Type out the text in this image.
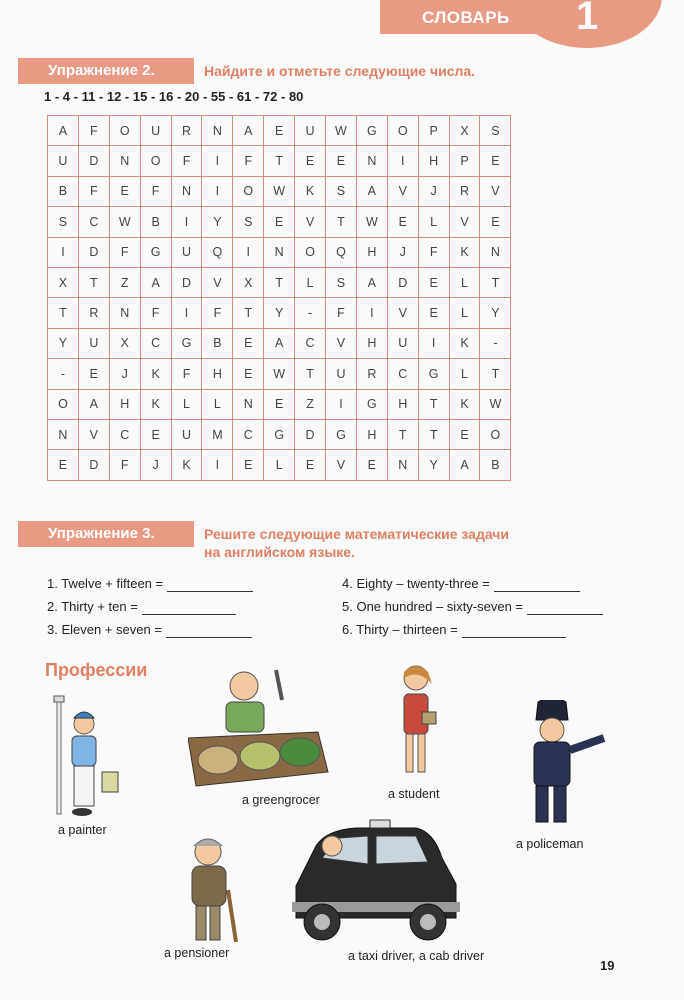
СЛОВАРЬ 1
Упражнение 2.	Найдите и отметьте следующие числа.
1 - 4 - 11 - 12 - 15 - 16 - 20 - 55 - 61 - 72 - 80
A	F	O	U	R	N	A	E	U	W	G	O	P	X	S
U	D	N	O	F	I	F	T	E	E	N	I	H	P	E
B	F	E	F	N	I	O	W	K	S	A	V	J	R	V
S	C	W	B	I	Y	S	E	V	T	W	E	L	V	E
I	D	F	G	U	Q	I	N	O	Q	H	J	F	K	N
X	T	Z	A	D	V	X	T	L	S	A	D	E	L	T
T	R	N	F	I	F	T	Y	-	F	I	V	E	L	Y
Y	U	X	C	G	B	E	A	C	V	H	U	I	K	-
-	E	J	K	F	H	E	W	T	U	R	C	G	L	T
O	A	H	K	L	L	N	E	Z	I	G	H	T	K	W
N	V	C	E	U	M	C	G	D	G	H	T	T	E	O
E	D	F	J	K	I	E	L	E	V	E	N	Y	A	B
Упражнение 3.	Решите следующие математические задачи
на английском языке.
1. Twelve + fifteen =
2. Thirty + ten =
3. Eleven + seven =
4. Eighty – twenty-three =
5. One hundred – sixty-seven =
6. Thirty – thirteen =
Профессии
a painter
a greengrocer	a student
a policeman
a pensioner	a taxi driver, a cab driver
19
